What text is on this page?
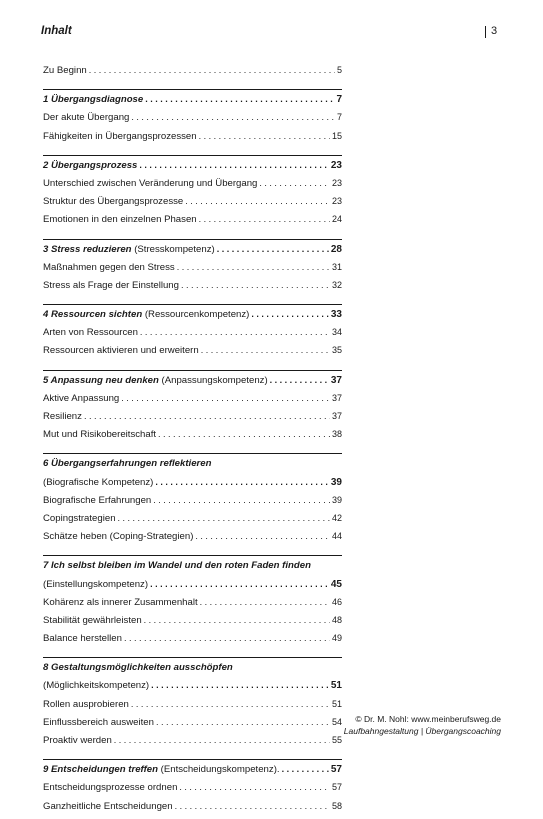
Inhalt	3
Zu Beginn . . .	5
1 Übergangsdiagnose . . .	7
Der akute Übergang . . .	7
Fähigkeiten in Übergangsprozessen . . .	15
2 Übergangsprozess . . .	23
Unterschied zwischen Veränderung und Übergang . . .	23
Struktur des Übergangsprozesse . . .	23
Emotionen in den einzelnen Phasen . . .	24
3 Stress reduzieren (Stresskompetenz) . . .	28
Maßnahmen gegen den Stress . . .	31
Stress als Frage der Einstellung . . .	32
4 Ressourcen sichten (Ressourcenkompetenz) . . .	33
Arten von Ressourcen . . .	34
Ressourcen aktivieren und erweitern . . .	35
5 Anpassung neu denken (Anpassungskompetenz) . . .	37
Aktive Anpassung . . .	37
Resilienz . . .	37
Mut und Risikobereitschaft . . .	38
6 Übergangserfahrungen reflektieren
(Biografische Kompetenz) . . .	39
Biografische Erfahrungen . . .	39
Copingstrategien . . .	42
Schätze heben (Coping-Strategien) . . .	44
7 Ich selbst bleiben im Wandel und den roten Faden finden
(Einstellungskompetenz) . . .	45
Kohärenz als innerer Zusammenhalt . . .	46
Stabilität gewährleisten . . .	48
Balance herstellen . . .	49
8 Gestaltungsmöglichkeiten ausschöpfen
(Möglichkeitskompetenz) . . .	51
Rollen ausprobieren . . .	51
Einflussbereich ausweiten . . .	54
Proaktiv werden . . .	55
9 Entscheidungen treffen (Entscheidungskompetenz). . . .	57
Entscheidungsprozesse ordnen . . .	57
Ganzheitliche Entscheidungen . . .	58
© Dr. M. Nohl: www.meinberufsweg.de
Laufbahngestaltung | Übergangscoaching
